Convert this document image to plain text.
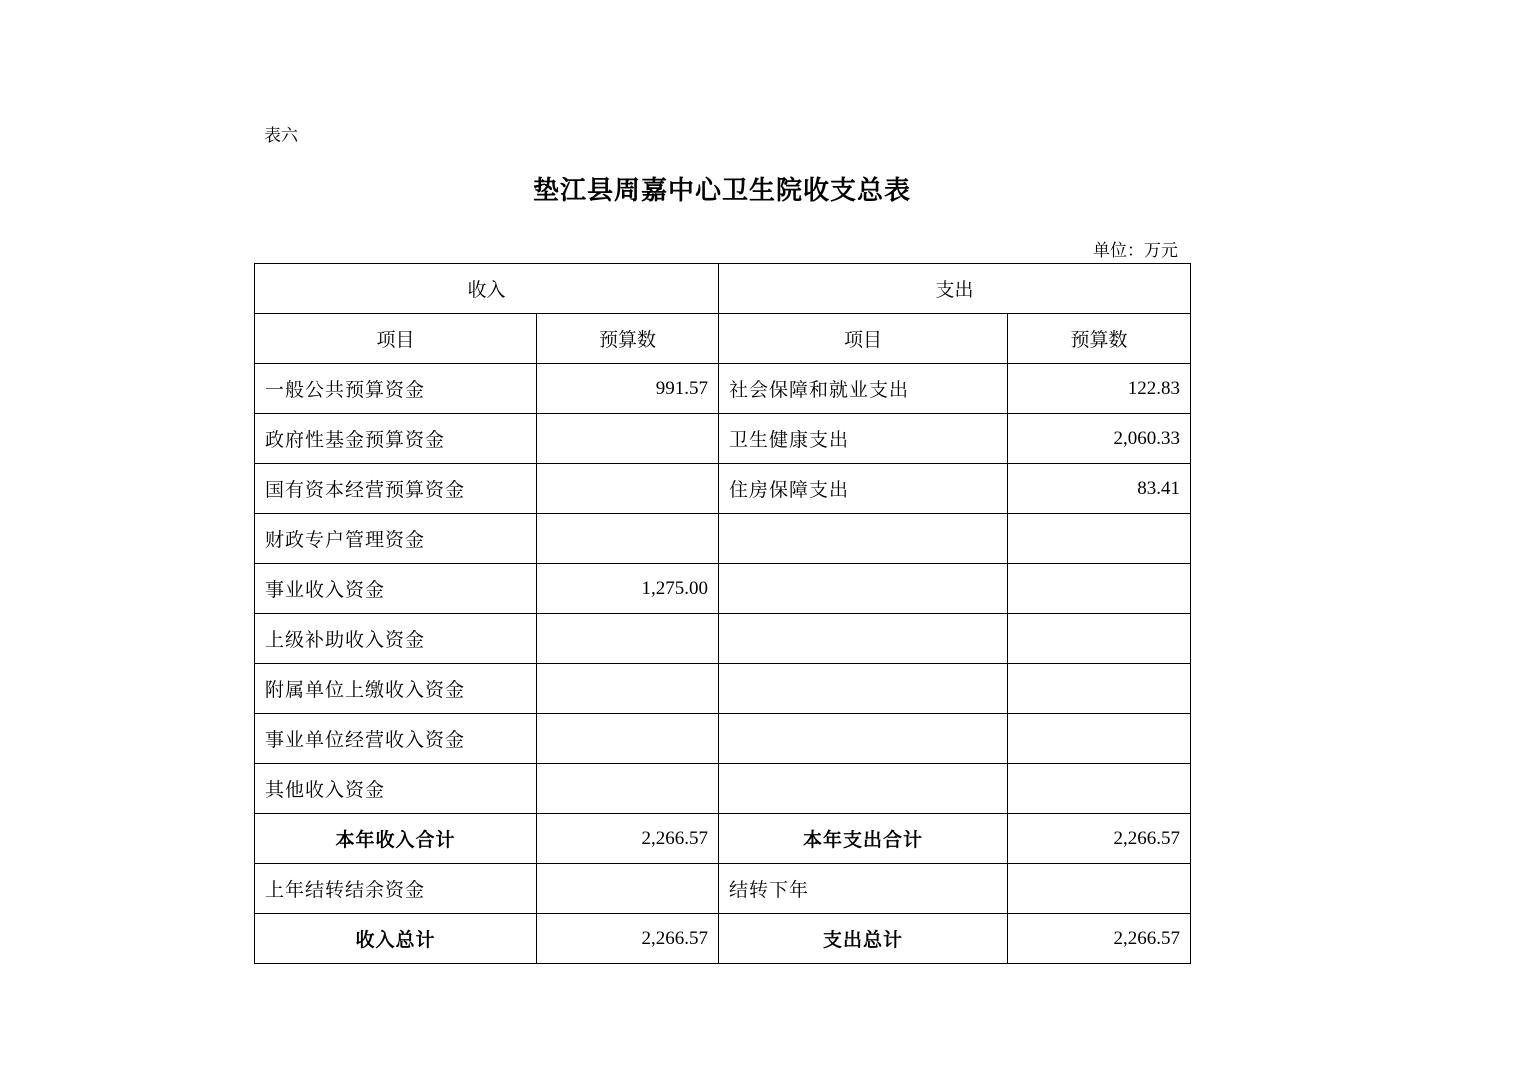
表六
垫江县周嘉中心卫生院收支总表
单位：万元
收入		支出	
项目	预算数	项目	预算数
一般公共预算资金	991.57	社会保障和就业支出	122.83
政府性基金预算资金		卫生健康支出	2,060.33
国有资本经营预算资金		住房保障支出	83.41
财政专户管理资金			
事业收入资金	1,275.00		
上级补助收入资金			
附属单位上缴收入资金			
事业单位经营收入资金			
其他收入资金			
本年收入合计	2,266.57	本年支出合计	2,266.57
上年结转结余资金		结转下年	
收入总计	2,266.57	支出总计	2,266.57
